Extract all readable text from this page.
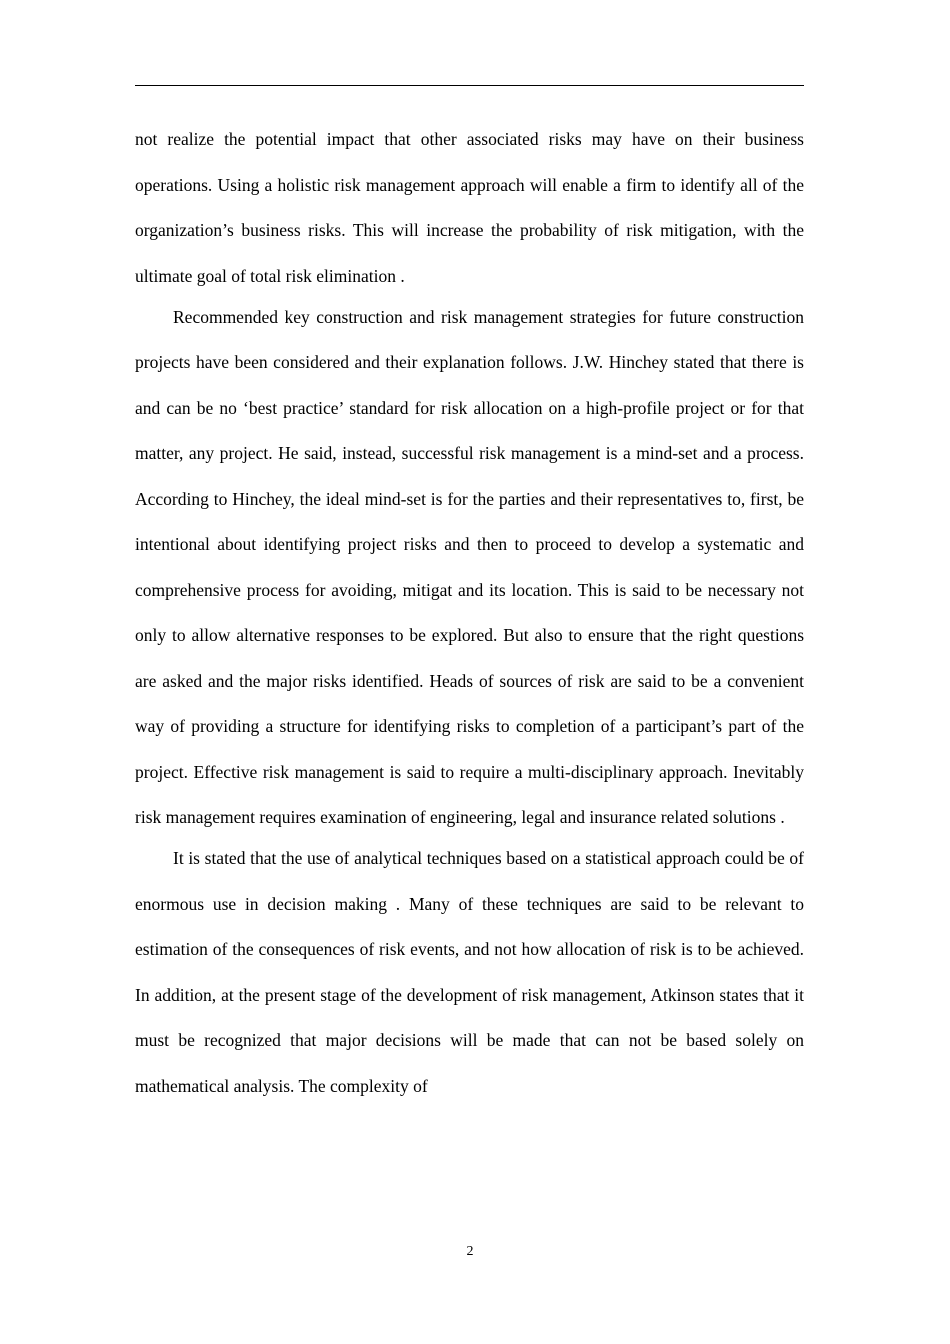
not realize the potential impact that other associated risks may have on their business operations. Using a holistic risk management approach will enable a firm to identify all of the organization’s business risks. This will increase the probability of risk mitigation, with the ultimate goal of total risk elimination .

Recommended key construction and risk management strategies for future construction projects have been considered and their explanation follows. J.W. Hinchey stated that there is and can be no ‘best practice’ standard for risk allocation on a high-profile project or for that matter, any project. He said, instead, successful risk management is a mind-set and a process. According to Hinchey, the ideal mind-set is for the parties and their representatives to, first, be intentional about identifying project risks and then to proceed to develop a systematic and comprehensive process for avoiding, mitigat and its location. This is said to be necessary not only to allow alternative responses to be explored. But also to ensure that the right questions are asked and the major risks identified. Heads of sources of risk are said to be a convenient way of providing a structure for identifying risks to completion of a participant’s part of the project. Effective risk management is said to require a multi-disciplinary approach. Inevitably risk management requires examination of engineering, legal and insurance related solutions .

It is stated that the use of analytical techniques based on a statistical approach could be of enormous use in decision making . Many of these techniques are said to be relevant to estimation of the consequences of risk events, and not how allocation of risk is to be achieved. In addition, at the present stage of the development of risk management, Atkinson states that it must be recognized that major decisions will be made that can not be based solely on mathematical analysis. The complexity of

2
